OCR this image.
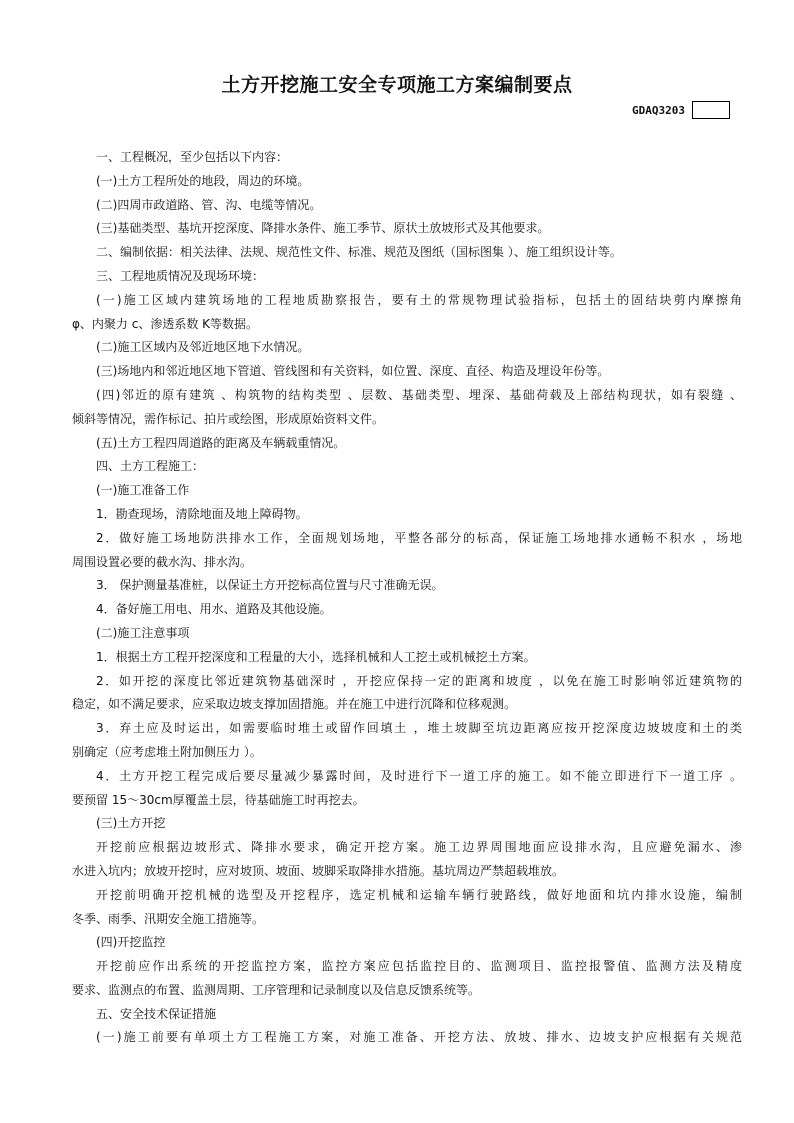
土方开挖施工安全专项施工方案编制要点
GDAQ3203

一、工程概况，至少包括以下内容：

(一)土方工程所处的地段，周边的环境。

(二)四周市政道路、管、沟、电缆等情况。

(三)基础类型、基坑开挖深度、降排水条件、施工季节、原状土放坡形式及其他要求。

二、编制依据：相关法律、法规、规范性文件、标准、规范及图纸（国标图集 ）、施工组织设计等。

三、工程地质情况及现场环境：

(一)施工区域内建筑场地的工程地质勘察报告，要有土的常规物理试验指标，包括土的固结块剪内摩擦角

φ、内聚力 c、渗透系数 K等数据。

(二)施工区域内及邻近地区地下水情况。

(三)场地内和邻近地区地下管道、管线图和有关资料，如位置、深度、直径、构造及埋设年份等。

(四)邻近的原有建筑 、构筑物的结构类型 、层数、基础类型、埋深、基础荷载及上部结构现状，如有裂缝 、

倾斜等情况，需作标记、拍片或绘图，形成原始资料文件。

(五)土方工程四周道路的距离及车辆载重情况。

四、土方工程施工：

(一)施工准备工作

1．勘查现场，清除地面及地上障碍物。

2．做好施工场地防洪排水工作，全面规划场地，平整各部分的标高，保证施工场地排水通畅不积水 ，场地

周围设置必要的截水沟、排水沟。

3． 保护测量基准桩，以保证土方开挖标高位置与尺寸准确无误。

4．备好施工用电、用水、道路及其他设施。

(二)施工注意事项

1．根据土方工程开挖深度和工程量的大小，选择机械和人工挖土或机械挖土方案。

2．如开挖的深度比邻近建筑物基础深时 ，开挖应保持一定的距离和坡度 ，以免在施工时影响邻近建筑物的

稳定，如不满足要求，应采取边坡支撑加固措施。并在施工中进行沉降和位移观测。

3．弃土应及时运出，如需要临时堆土或留作回填土 ，堆土坡脚至坑边距离应按开挖深度边坡坡度和土的类

别确定（应考虑堆土附加侧压力 ）。

4．土方开挖工程完成后要尽量减少暴露时间，及时进行下一道工序的施工。如不能立即进行下一道工序 。

要预留 15～30cm厚覆盖土层，待基础施工时再挖去。

(三)土方开挖

开挖前应根据边坡形式、降排水要求，确定开挖方案。施工边界周围地面应设排水沟，且应避免漏水、渗

水进入坑内；放坡开挖时，应对坡顶、坡面、坡脚采取降排水措施。基坑周边严禁超载堆放。

开挖前明确开挖机械的选型及开挖程序，选定机械和运输车辆行驶路线，做好地面和坑内排水设施，编制

冬季、雨季、汛期安全施工措施等。

(四)开挖监控

开挖前应作出系统的开挖监控方案，监控方案应包括监控目的、监测项目、监控报警值、监测方法及精度

要求、监测点的布置、监测周期、工序管理和记录制度以及信息反馈系统等。

五、安全技术保证措施

(一)施工前要有单项土方工程施工方案，对施工准备、开挖方法、放坡、排水、边坡支护应根据有关规范
